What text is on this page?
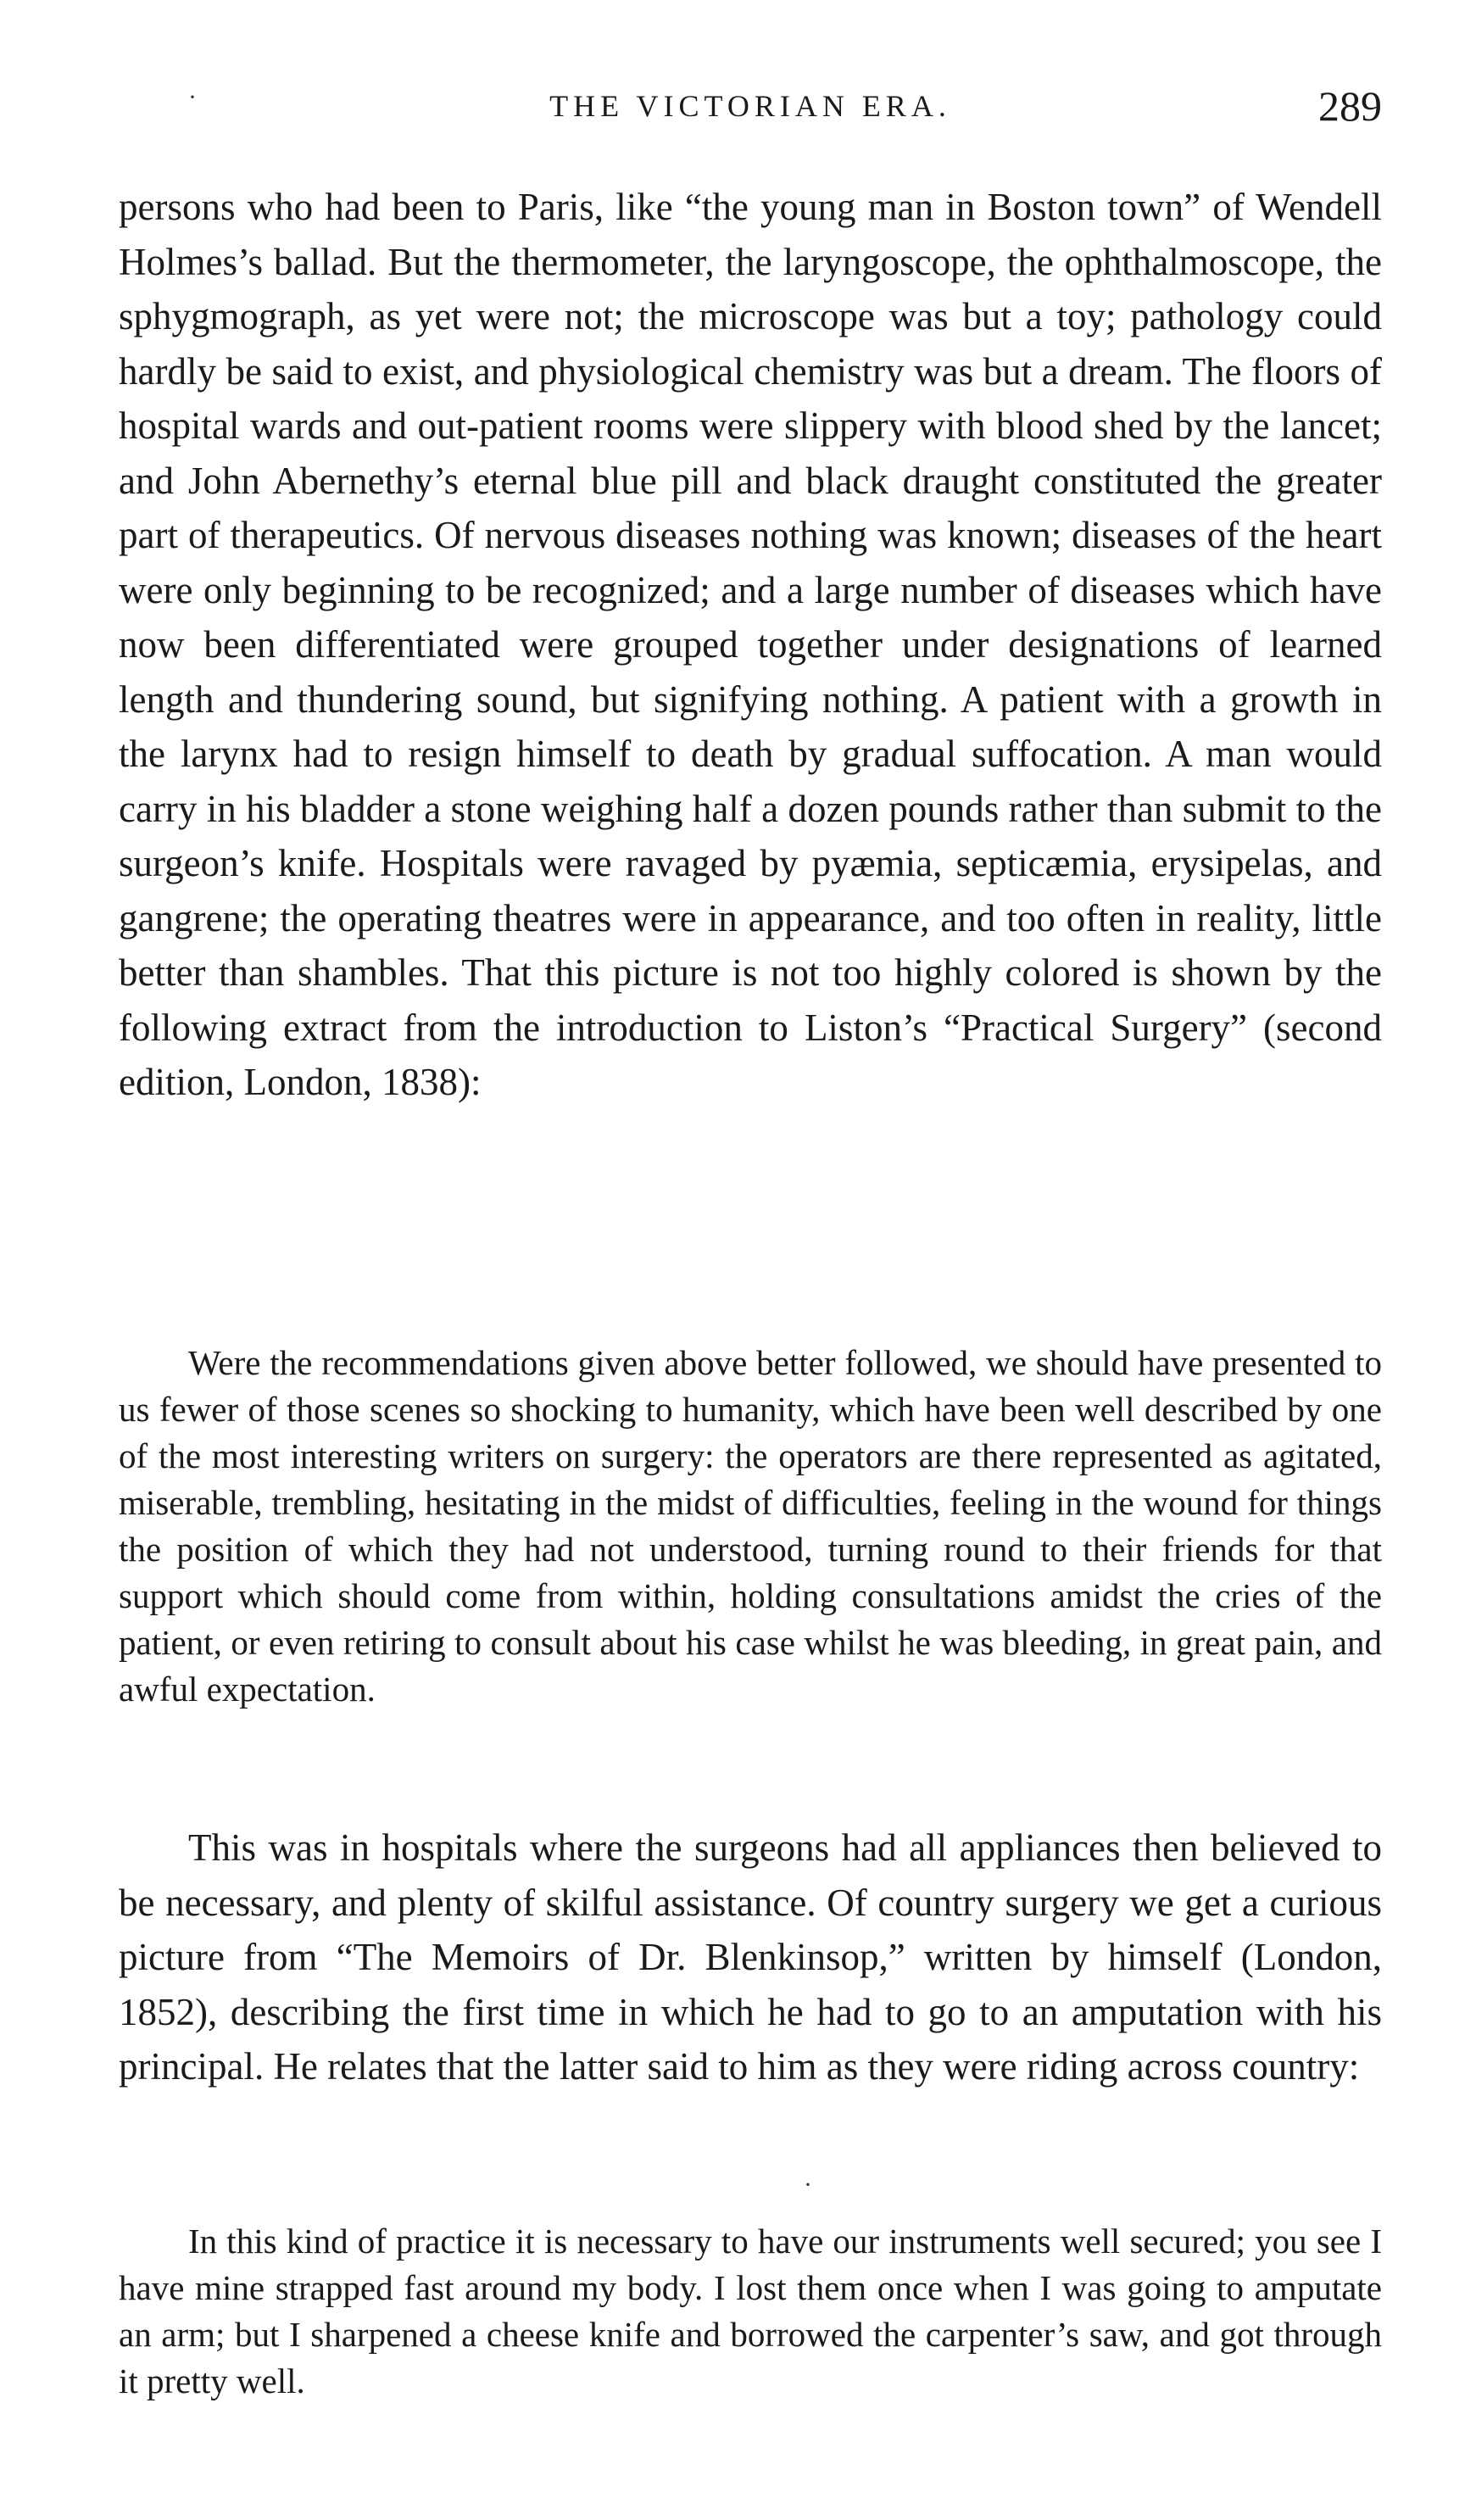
·	THE VICTORIAN ERA.	289

persons who had been to Paris, like “the young man in Boston town” of Wendell Holmes’s ballad. But the thermometer, the laryngoscope, the ophthalmoscope, the sphygmograph, as yet were not; the microscope was but a toy; pathology could hardly be said to exist, and physiological chemistry was but a dream. The floors of hospital wards and out-patient rooms were slippery with blood shed by the lancet; and John Abernethy’s eternal blue pill and black draught constituted the greater part of therapeutics. Of nervous diseases nothing was known; diseases of the heart were only beginning to be recognized; and a large number of diseases which have now been differentiated were grouped together under designations of learned length and thundering sound, but signifying nothing. A patient with a growth in the larynx had to resign himself to death by gradual suffocation. A man would carry in his bladder a stone weighing half a dozen pounds rather than submit to the surgeon’s knife. Hospitals were ravaged by pyæmia, septicæmia, erysipelas, and gangrene; the operating theatres were in appearance, and too often in reality, little better than shambles. That this picture is not too highly colored is shown by the following extract from the introduction to Liston’s “Practical Surgery” (second edition, London, 1838):

Were the recommendations given above better followed, we should have presented to us fewer of those scenes so shocking to humanity, which have been well described by one of the most interesting writers on surgery: the operators are there represented as agitated, miserable, trembling, hesitating in the midst of difficulties, feeling in the wound for things the position of which they had not understood, turning round to their friends for that support which should come from within, holding consultations amidst the cries of the patient, or even retiring to consult about his case whilst he was bleeding, in great pain, and awful expectation.

This was in hospitals where the surgeons had all appliances then believed to be necessary, and plenty of skilful assistance. Of country surgery we get a curious picture from “The Memoirs of Dr. Blenkinsop,” written by himself (London, 1852), describing the first time in which he had to go to an amputation with his principal. He relates that the latter said to him as they were riding across country:

·

In this kind of practice it is necessary to have our instruments well secured; you see I have mine strapped fast around my body. I lost them once when I was going to amputate an arm; but I sharpened a cheese knife and borrowed the carpenter’s saw, and got through it pretty well.
